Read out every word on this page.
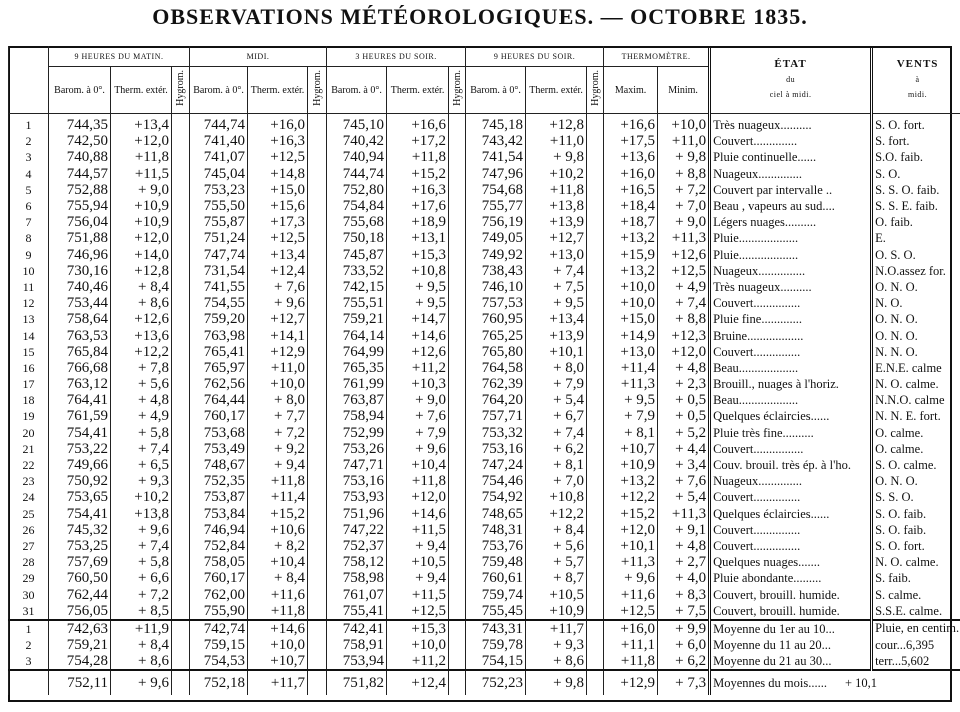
OBSERVATIONS MÉTÉOROLOGIQUES. — OCTOBRE 1835.
	9 HEURES DU MATIN.			MIDI.			3 HEURES DU SOIR.			9 HEURES DU SOIR.			THERMOMÈTRE.		ÉTAT
du
ciel à midi.	VENTS
à
midi.
	Barom. à 0°.	Therm. extér.	Hygrom.	Barom. à 0°.	Therm. extér.	Hygrom.	Barom. à 0°.	Therm. extér.	Hygrom.	Barom. à 0°.	Therm. extér.	Hygrom.	Maxim.	Minim.		
1	744,35	+13,4		744,74	+16,0		745,10	+16,6		745,18	+12,8		+16,6	+10,0	Très nuageux..........	S. O. fort.
2	742,50	+12,0		741,40	+16,3		740,42	+17,2		743,42	+11,0		+17,5	+11,0	Couvert..............	S. fort.
3	740,88	+11,8		741,07	+12,5		740,94	+11,8		741,54	+ 9,8		+13,6	+ 9,8	Pluie continuelle......	S.O. faib.
4	744,57	+11,5		745,04	+14,8		744,74	+15,2		747,96	+10,2		+16,0	+ 8,8	Nuageux..............	S. O.
5	752,88	+ 9,0		753,23	+15,0		752,80	+16,3		754,68	+11,8		+16,5	+ 7,2	Couvert par intervalle ..	S. S. O. faib.
6	755,94	+10,9		755,50	+15,6		754,84	+17,6		755,77	+13,8		+18,4	+ 7,0	Beau , vapeurs au sud....	S. S. E. faib.
7	756,04	+10,9		755,87	+17,3		755,68	+18,9		756,19	+13,9		+18,7	+ 9,0	Légers nuages..........	O. faib.
8	751,88	+12,0		751,24	+12,5		750,18	+13,1		749,05	+12,7		+13,2	+11,3	Pluie...................	E.
9	746,96	+14,0		747,74	+13,4		745,87	+15,3		749,92	+13,0		+15,9	+12,6	Pluie...................	O. S. O.
10	730,16	+12,8		731,54	+12,4		733,52	+10,8		738,43	+ 7,4		+13,2	+12,5	Nuageux...............	N.O.assez for.
11	740,46	+ 8,4		741,55	+ 7,6		742,15	+ 9,5		746,10	+ 7,5		+10,0	+ 4,9	Très nuageux..........	O. N. O.
12	753,44	+ 8,6		754,55	+ 9,6		755,51	+ 9,5		757,53	+ 9,5		+10,0	+ 7,4	Couvert...............	N. O.
13	758,64	+12,6		759,20	+12,7		759,21	+14,7		760,95	+13,4		+15,0	+ 8,8	Pluie fine.............	O. N. O.
14	763,53	+13,6		763,98	+14,1		764,14	+14,6		765,25	+13,9		+14,9	+12,3	Bruine..................	O. N. O.
15	765,84	+12,2		765,41	+12,9		764,99	+12,6		765,80	+10,1		+13,0	+12,0	Couvert...............	N. N. O.
16	766,68	+ 7,8		765,97	+11,0		765,35	+11,2		764,58	+ 8,0		+11,4	+ 4,8	Beau...................	E.N.E. calme
17	763,12	+ 5,6		762,56	+10,0		761,99	+10,3		762,39	+ 7,9		+11,3	+ 2,3	Brouill., nuages à l'horiz.	N. O. calme.
18	764,41	+ 4,8		764,44	+ 8,0		763,87	+ 9,0		764,20	+ 5,4		+ 9,5	+ 0,5	Beau...................	N.N.O. calme
19	761,59	+ 4,9		760,17	+ 7,7		758,94	+ 7,6		757,71	+ 6,7		+ 7,9	+ 0,5	Quelques éclaircies......	N. N. E. fort.
20	754,41	+ 5,8		753,68	+ 7,2		752,99	+ 7,9		753,32	+ 7,4		+ 8,1	+ 5,2	Pluie très fine..........	O. calme.
21	753,22	+ 7,4		753,49	+ 9,2		753,26	+ 9,6		753,16	+ 6,2		+10,7	+ 4,4	Couvert................	O. calme.
22	749,66	+ 6,5		748,67	+ 9,4		747,71	+10,4		747,24	+ 8,1		+10,9	+ 3,4	Couv. brouil. très ép. à l'ho.	S. O. calme.
23	750,92	+ 9,3		752,35	+11,8		753,16	+11,8		754,46	+ 7,0		+13,2	+ 7,6	Nuageux..............	O. N. O.
24	753,65	+10,2		753,87	+11,4		753,93	+12,0		754,92	+10,8		+12,2	+ 5,4	Couvert...............	S. S. O.
25	754,41	+13,8		753,84	+15,2		751,96	+14,6		748,65	+12,2		+15,2	+11,3	Quelques éclaircies......	S. O. faib.
26	745,32	+ 9,6		746,94	+10,6		747,22	+11,5		748,31	+ 8,4		+12,0	+ 9,1	Couvert...............	S. O. faib.
27	753,25	+ 7,4		752,84	+ 8,2		752,37	+ 9,4		753,76	+ 5,6		+10,1	+ 4,8	Couvert...............	S. O. fort.
28	757,69	+ 5,8		758,05	+10,4		758,12	+10,5		759,48	+ 5,7		+11,3	+ 2,7	Quelques nuages.......	N. O. calme.
29	760,50	+ 6,6		760,17	+ 8,4		758,98	+ 9,4		760,61	+ 8,7		+ 9,6	+ 4,0	Pluie abondante.........	S. faib.
30	762,44	+ 7,2		762,00	+11,6		761,07	+11,5		759,74	+10,5		+11,6	+ 8,3	Couvert, brouill. humide.	S. calme.
31	756,05	+ 8,5		755,90	+11,8		755,41	+12,5		755,45	+10,9		+12,5	+ 7,5	Couvert, brouill. humide.	S.S.E. calme.
1	742,63	+11,9		742,74	+14,6		742,41	+15,3		743,31	+11,7		+16,0	+ 9,9	Moyenne du 1er au 10...	Pluie, en centim.
2	759,21	+ 8,4		759,15	+10,0		758,91	+10,0		759,78	+ 9,3		+11,1	+ 6,0	Moyenne du 11 au 20...	cour...6,395
3	754,28	+ 8,6		754,53	+10,7		753,94	+11,2		754,15	+ 8,6		+11,8	+ 6,2	Moyenne du 21 au 30...	terr...5,602
	752,11	+ 9,6		752,18	+11,7		751,82	+12,4		752,23	+ 9,8		+12,9	+ 7,3	Moyennes du mois...... + 10,1	
